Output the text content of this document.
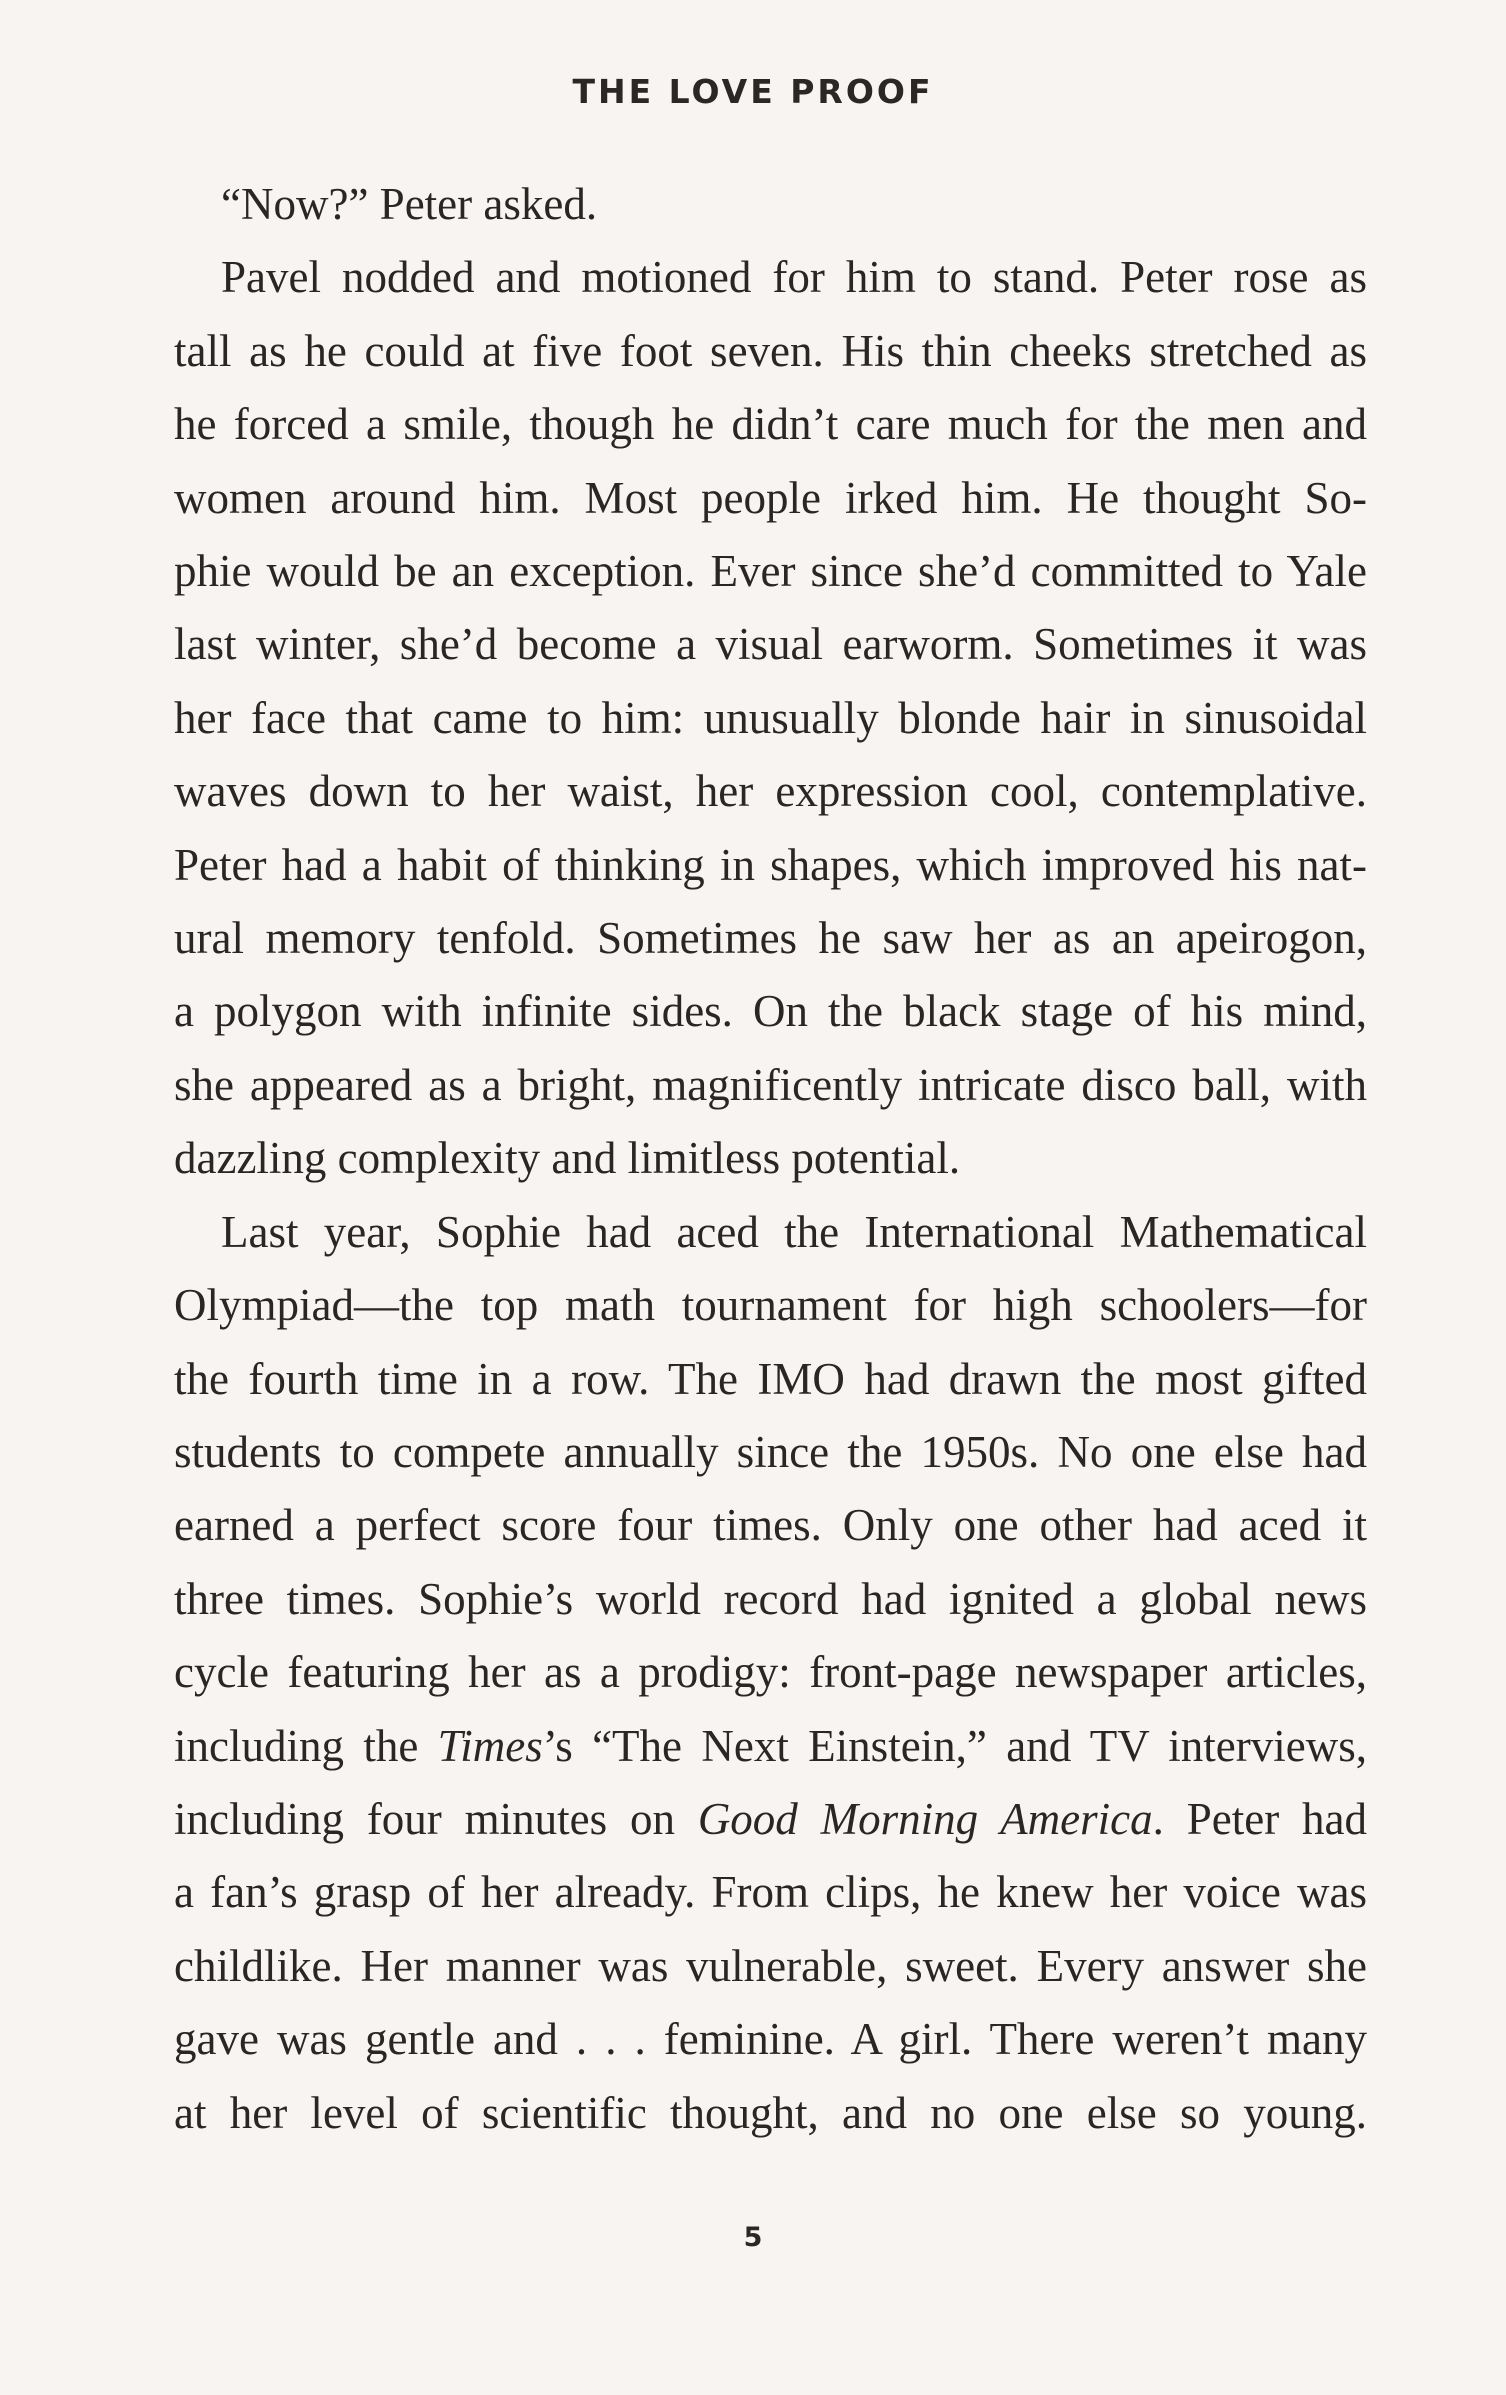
THE LOVE PROOF
“Now?” Peter asked.
Pavel nodded and motioned for him to stand. Peter rose as
tall as he could at five foot seven. His thin cheeks stretched as
he forced a smile, though he didn’t care much for the men and
women around him. Most people irked him. He thought So-
phie would be an exception. Ever since she’d committed to Yale
last winter, she’d become a visual earworm. Sometimes it was
her face that came to him: unusually blonde hair in sinusoidal
waves down to her waist, her expression cool, contemplative.
Peter had a habit of thinking in shapes, which improved his nat-
ural memory tenfold. Sometimes he saw her as an apeirogon,
a polygon with infinite sides. On the black stage of his mind,
she appeared as a bright, magnificently intricate disco ball, with
dazzling complexity and limitless potential.
Last year, Sophie had aced the International Mathematical
Olympiad—the top math tournament for high schoolers—for
the fourth time in a row. The IMO had drawn the most gifted
students to compete annually since the 1950s. No one else had
earned a perfect score four times. Only one other had aced it
three times. Sophie’s world record had ignited a global news
cycle featuring her as a prodigy: front-page newspaper articles,
including the Times’s “The Next Einstein,” and TV interviews,
including four minutes on Good Morning America. Peter had
a fan’s grasp of her already. From clips, he knew her voice was
childlike. Her manner was vulnerable, sweet. Every answer she
gave was gentle and . . . feminine. A girl. There weren’t many
at her level of scientific thought, and no one else so young.
5
